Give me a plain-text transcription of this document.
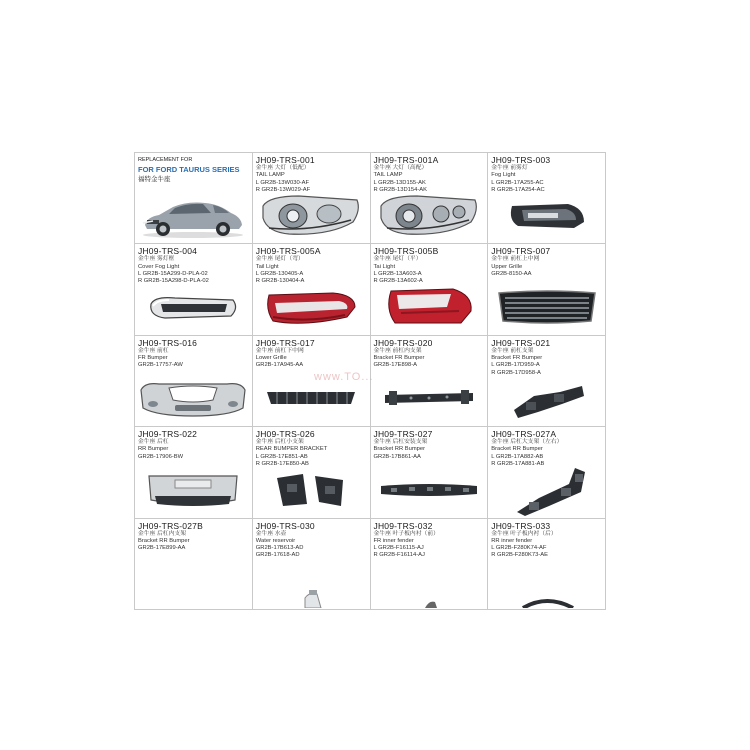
REPLACEMENT FOR
FOR FORD TAURUS SERIES
福特金牛座
JH09-TRS-001
金牛座 大灯（低配）
TAIL LAMP
L GR2B-13W030-AF
R GR2B-13W029-AF
JH09-TRS-001A
金牛座 大灯（高配）
TAIL LAMP
L GR2B-13D155-AK
R GR2B-13D154-AK
JH09-TRS-003
金牛座 前雾灯
Fog Light
L GR2B-17A255-AC
R GR2B-17A254-AC
JH09-TRS-004
金牛座 雾灯框
Cover Fog Light
L GR2B-15A299-D-PLA-02
R GR2B-15A298-D-PLA-02
JH09-TRS-005A
金牛座 尾灯（弯）
Tail Light
L GR2B-130405-A
R GR2B-130404-A
JH09-TRS-005B
金牛座 尾灯（平）
Tai Light
L GR2B-13A603-A
R GR2B-13A602-A
JH09-TRS-007
金牛座 前杠上中网
Upper Grille
GR2B-8150-AA
JH09-TRS-016
金牛座 前杠
FR Bumper
GR2B-17757-AW
JH09-TRS-017
金牛座 前杠下中网
Lower Grille
GR2B-17A945-AA
JH09-TRS-020
金牛座 前杠内支架
Bracket FR Bumper
GR2B-17E898-A
JH09-TRS-021
金牛座 前杠支架
Bracket FR Bumper
L GR2B-17D959-A
R GR2B-17D958-A
JH09-TRS-022
金牛座 后杠
RR Bumper
GR2B-17906-BW
JH09-TRS-026
金牛座 后杠小支架
REAR BUMPER BRACKET
L GR2B-17E851-AB
R GR2B-17E850-AB
JH09-TRS-027
金牛座 后杠安装支架
Bracket RR Bumper
GR2B-17B861-AA
JH09-TRS-027A
金牛座 后杠大支架（左右）
Bracket RR Bumper
L GR2B-17A882-AB
R GR2B-17A881-AB
JH09-TRS-027B
金牛座 后杠内支架
Bracket RR Bumper
GR2B-17E899-AA
JH09-TRS-030
金牛座 水壶
Water reservoir
GR2B-17B613-AD
GR2B-17618-AD
JH09-TRS-032
金牛座 叶子板内衬（前）
FR inner fender
L GR2B-F16115-AJ
R GR2B-F16114-AJ
JH09-TRS-033
金牛座 叶子板内衬（后）
RR inner fender
L GR2B-F280K74-AF
R GR2B-F280K73-AE
www.TO...
